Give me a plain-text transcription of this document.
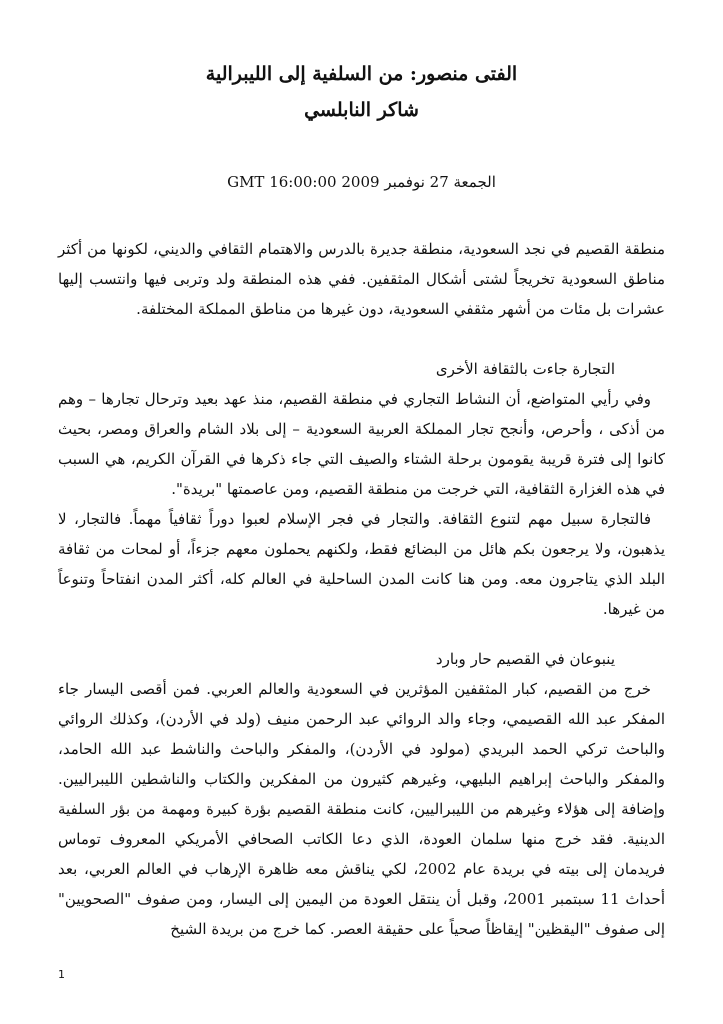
الفتى منصور: من السلفية إلى الليبرالية
شاكر النابلسي
الجمعة 27 نوفمبر 2009 GMT 16:00:00

منطقة القصيم في نجد السعودية، منطقة جديرة بالدرس والاهتمام الثقافي والديني، لكونها من أكثر مناطق السعودية تخريجاً لشتى أشكال المثقفين. ففي هذه المنطقة ولد وتربى فيها وانتسب إليها عشرات بل مئات من أشهر مثقفي السعودية، دون غيرها من مناطق المملكة المختلفة.

التجارة جاءت بالثقافة الأخرى

وفي رأيي المتواضع، أن النشاط التجاري في منطقة القصيم، منذ عهد بعيد وترحال تجارها – وهم من أذكى ، وأحرص، وأنجح تجار المملكة العربية السعودية – إلى بلاد الشام والعراق ومصر، بحيث كانوا إلى فترة قريبة يقومون برحلة الشتاء والصيف التي جاء ذكرها في القرآن الكريم، هي السبب في هذه الغزارة الثقافية، التي خرجت من منطقة القصيم، ومن عاصمتها "بريدة".

فالتجارة سبيل مهم لتنوع الثقافة. والتجار في فجر الإسلام لعبوا دوراً ثقافياً مهماً. فالتجار، لا يذهبون، ولا يرجعون بكم هائل من البضائع فقط، ولكنهم يحملون معهم جزءاً، أو لمحات من ثقافة البلد الذي يتاجرون معه. ومن هنا كانت المدن الساحلية في العالم كله، أكثر المدن انفتاحاً وتنوعاً من غيرها.

ينبوعان في القصيم حار وبارد

خرج من القصيم، كبار المثقفين المؤثرين في السعودية والعالم العربي. فمن أقصى اليسار جاء المفكر عبد الله القصيمي، وجاء والد الروائي عبد الرحمن منيف (ولد في الأردن)، وكذلك الروائي والباحث تركي الحمد البريدي (مولود في الأردن)، والمفكر والباحث والناشط عبد الله الحامد، والمفكر والباحث إبراهيم البليهي، وغيرهم كثيرون من المفكرين والكتاب والناشطين الليبراليين. وإضافة إلى هؤلاء وغيرهم من الليبراليين، كانت منطقة القصيم بؤرة كبيرة ومهمة من بؤر السلفية الدينية. فقد خرج منها سلمان العودة، الذي دعا الكاتب الصحافي الأمريكي المعروف توماس فريدمان إلى بيته في بريدة عام 2002، لكي يناقش معه ظاهرة الإرهاب في العالم العربي، بعد أحداث 11 سبتمبر 2001، وقبل أن ينتقل العودة من اليمين إلى اليسار، ومن صفوف "الصحويين" إلى صفوف "اليقظين" إيقاظاً صحياً على حقيقة العصر. كما خرج من بريدة الشيخ

1
